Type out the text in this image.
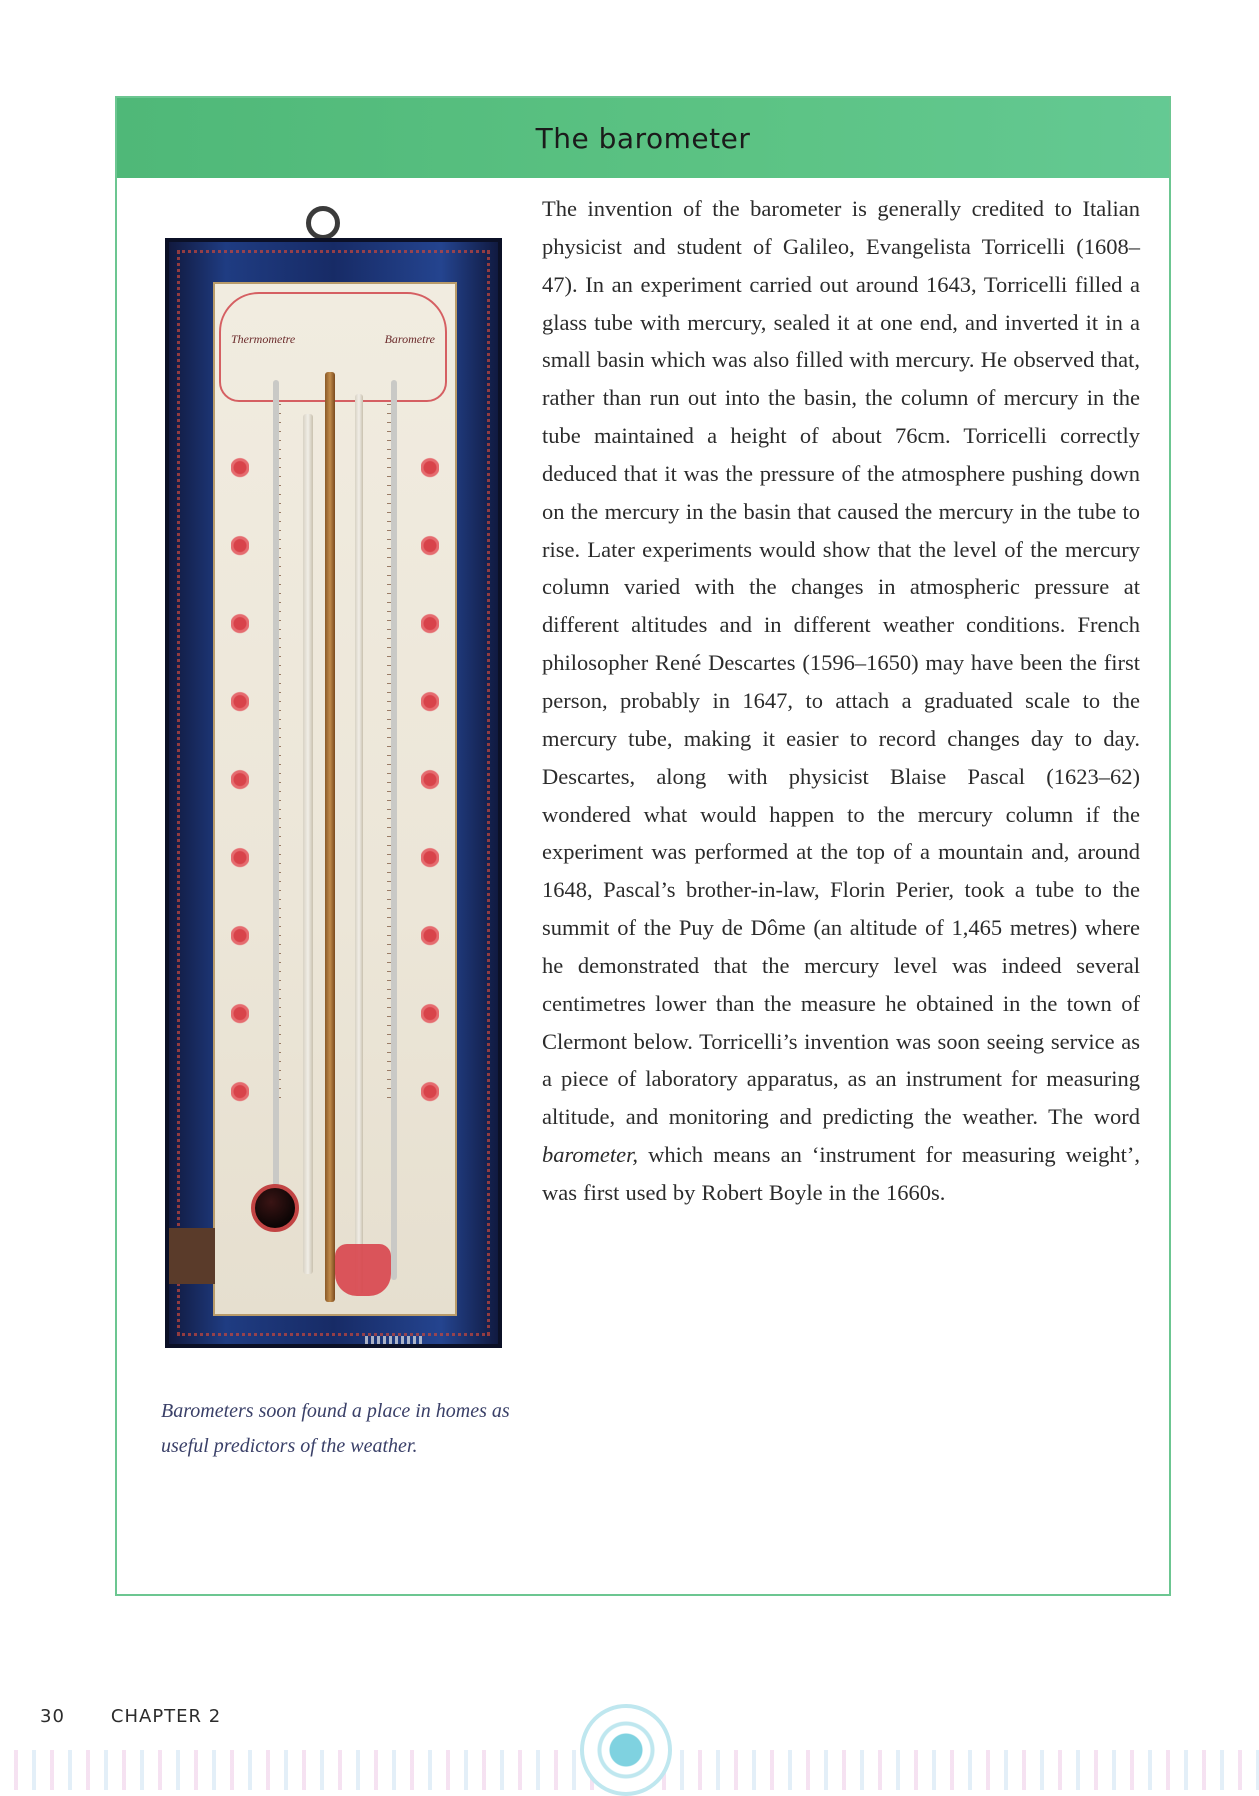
The barometer
Thermometre	Barometre
Barometers soon found a place in homes as useful predictors of the weather.

The invention of the barometer is generally credited to Italian physicist and student of Galileo, Evangelista Torricelli (1608–47). In an experiment carried out around 1643, Torricelli filled a glass tube with mercury, sealed it at one end, and inverted it in a small basin which was also filled with mercury. He observed that, rather than run out into the basin, the column of mercury in the tube maintained a height of about 76cm. Torricelli correctly deduced that it was the pressure of the atmosphere pushing down on the mercury in the basin that caused the mercury in the tube to rise. Later experiments would show that the level of the mercury column varied with the changes in atmospheric pressure at different altitudes and in different weather conditions. French philosopher René Descartes (1596–1650) may have been the first person, probably in 1647, to attach a graduated scale to the mercury tube, making it easier to record changes day to day. Descartes, along with physicist Blaise Pascal (1623–62) wondered what would happen to the mercury column if the experiment was performed at the top of a mountain and, around 1648, Pascal’s brother-in-law, Florin Perier, took a tube to the summit of the Puy de Dôme (an altitude of 1,465 metres) where he demonstrated that the mercury level was indeed several centimetres lower than the measure he obtained in the town of Clermont below. Torricelli’s invention was soon seeing service as a piece of laboratory apparatus, as an instrument for measuring altitude, and monitoring and predicting the weather. The word barometer, which means an ‘instrument for measuring weight’, was first used by Robert Boyle in the 1660s.

30	CHAPTER 2
